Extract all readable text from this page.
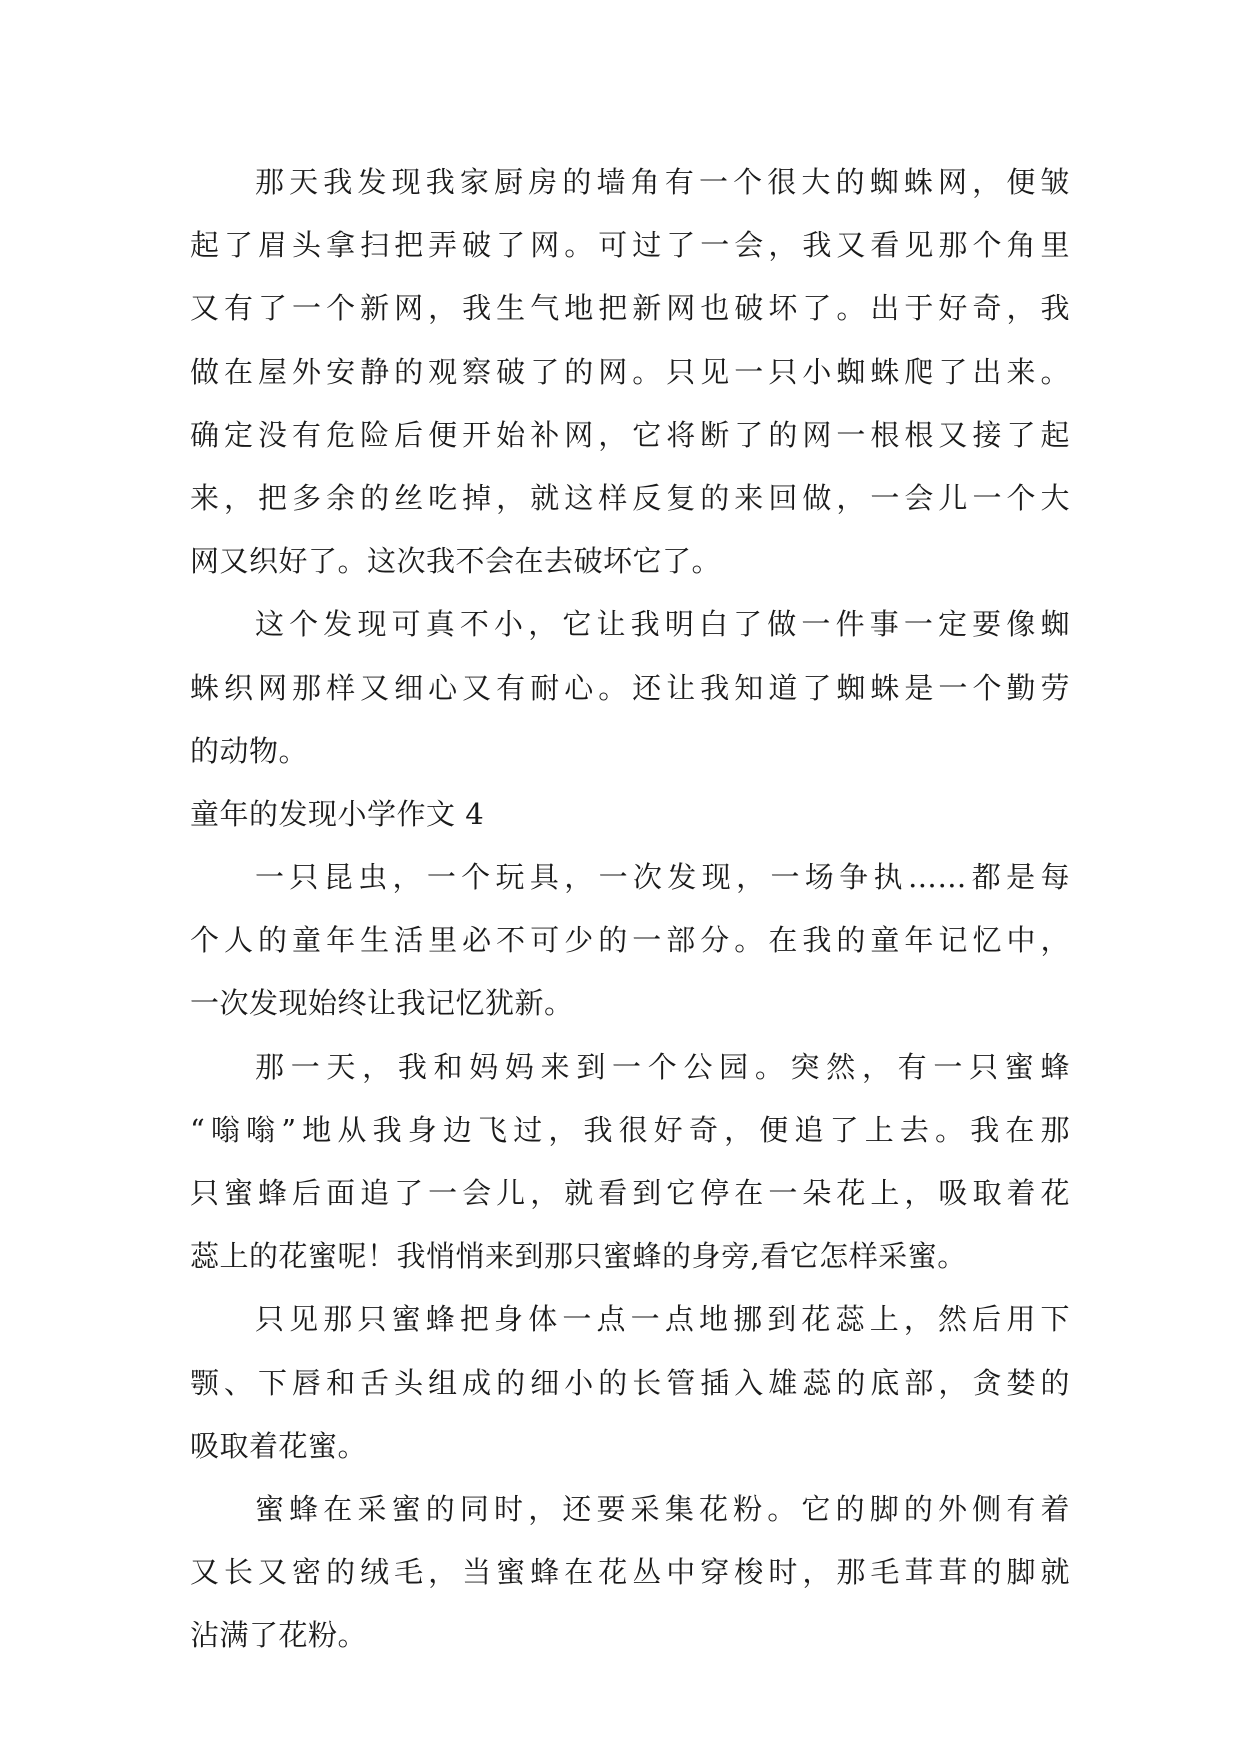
那天我发现我家厨房的墙角有一个很大的蜘蛛网，便皱
起了眉头拿扫把弄破了网。可过了一会，我又看见那个角里
又有了一个新网，我生气地把新网也破坏了。出于好奇，我
做在屋外安静的观察破了的网。只见一只小蜘蛛爬了出来。
确定没有危险后便开始补网，它将断了的网一根根又接了起
来，把多余的丝吃掉，就这样反复的来回做，一会儿一个大
网又织好了。这次我不会在去破坏它了。
这个发现可真不小，它让我明白了做一件事一定要像蜘
蛛织网那样又细心又有耐心。还让我知道了蜘蛛是一个勤劳
的动物。
童年的发现小学作文 4
一只昆虫，一个玩具，一次发现，一场争执……都是每
个人的童年生活里必不可少的一部分。在我的童年记忆中，
一次发现始终让我记忆犹新。
那一天，我和妈妈来到一个公园。突然，有一只蜜蜂
“嗡嗡”地从我身边飞过，我很好奇，便追了上去。我在那
只蜜蜂后面追了一会儿，就看到它停在一朵花上，吸取着花
蕊上的花蜜呢！我悄悄来到那只蜜蜂的身旁,看它怎样采蜜。
只见那只蜜蜂把身体一点一点地挪到花蕊上，然后用下
颚、下唇和舌头组成的细小的长管插入雄蕊的底部，贪婪的
吸取着花蜜。
蜜蜂在采蜜的同时，还要采集花粉。它的脚的外侧有着
又长又密的绒毛，当蜜蜂在花丛中穿梭时，那毛茸茸的脚就
沾满了花粉。
